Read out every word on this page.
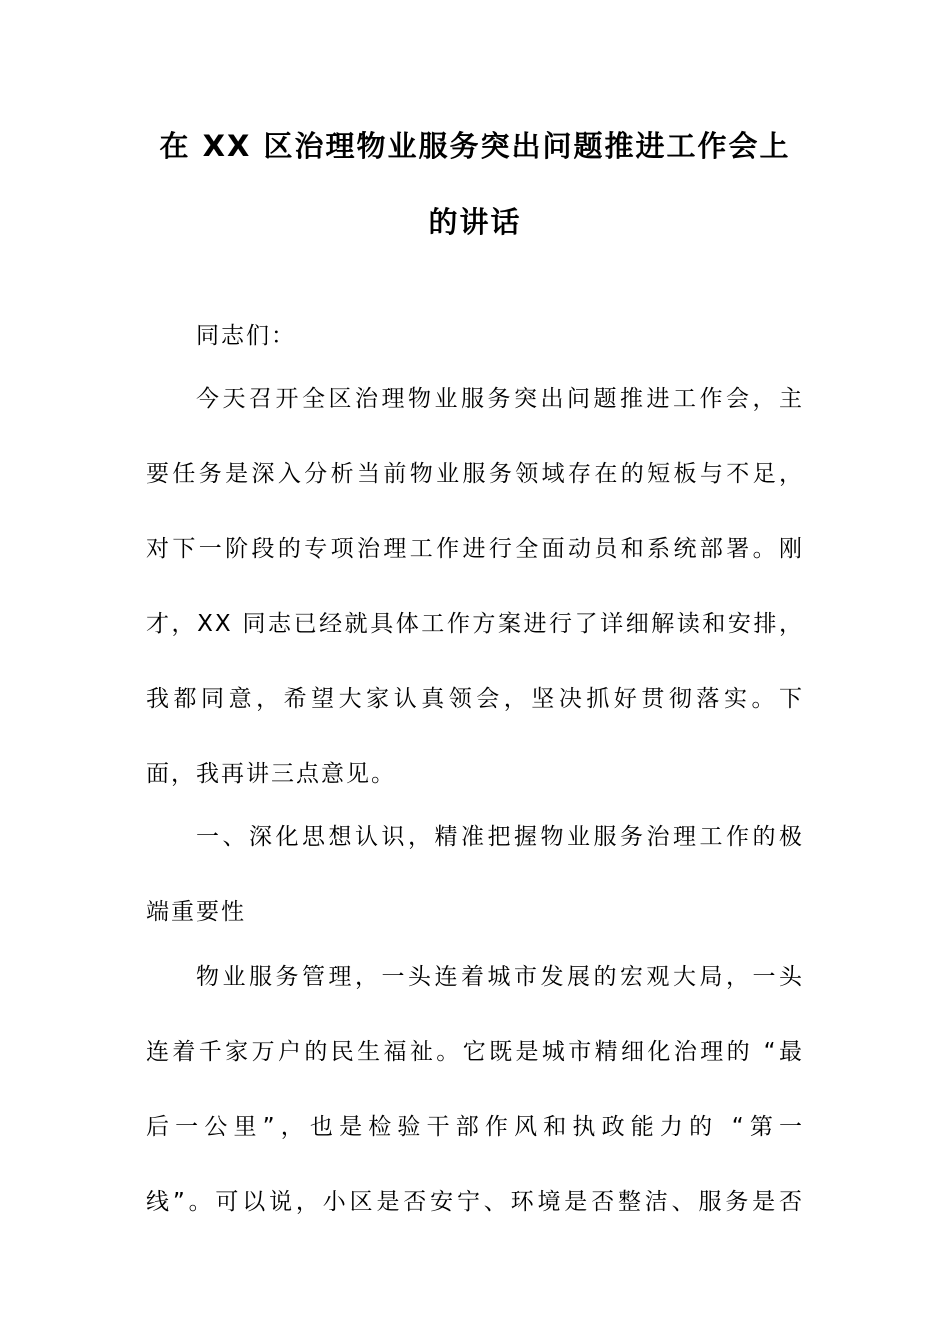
在 XX 区治理物业服务突出问题推进工作会上
的讲话
同志们：
今天召开全区治理物业服务突出问题推进工作会，主
要任务是深入分析当前物业服务领域存在的短板与不足，
对下一阶段的专项治理工作进行全面动员和系统部署。刚
才，XX 同志已经就具体工作方案进行了详细解读和安排，
我都同意，希望大家认真领会，坚决抓好贯彻落实。下
面，我再讲三点意见。
一、深化思想认识，精准把握物业服务治理工作的极
端重要性
物业服务管理，一头连着城市发展的宏观大局，一头
连着千家万户的民生福祉。它既是城市精细化治理的 “最
后一公里”，也是检验干部作风和执政能力的 “第一
线”。可以说，小区是否安宁、环境是否整洁、服务是否
